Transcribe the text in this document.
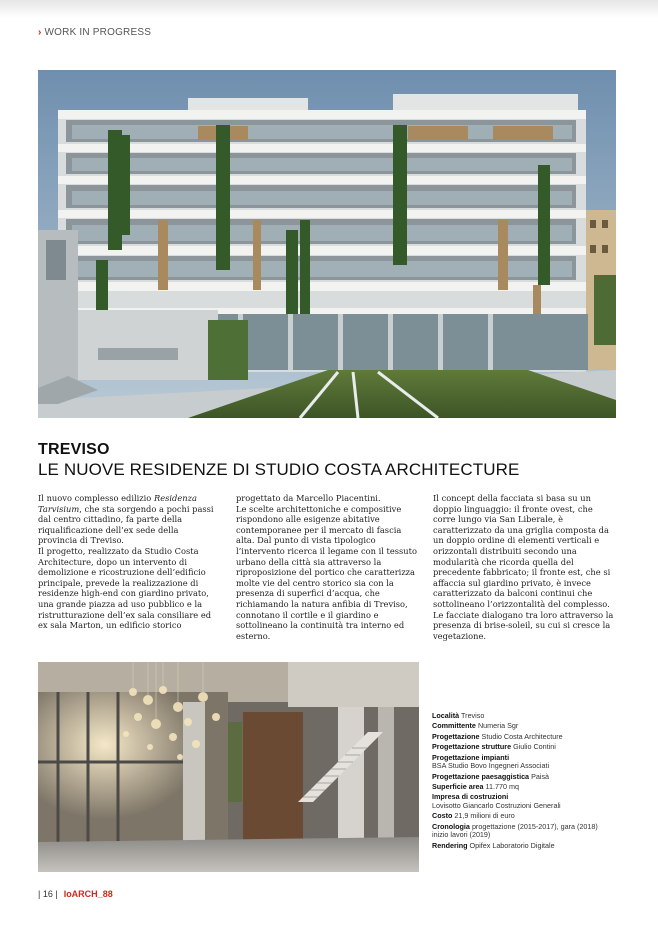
› WORK IN PROGRESS
TREVISO
LE NUOVE RESIDENZE DI STUDIO COSTA ARCHITECTURE

Il nuovo complesso edilizio Residenza Tarvisium, che sta sorgendo a pochi passi dal centro cittadino, fa parte della riqualificazione dell’ex sede della provincia di Treviso.

Il progetto, realizzato da Studio Costa Architecture, dopo un intervento di demolizione e ricostruzione dell’edificio principale, prevede la realizzazione di residenze high-end con giardino privato, una grande piazza ad uso pubblico e la ristrutturazione dell’ex sala consiliare ed ex sala Marton, un edificio storico

progettato da Marcello Piacentini.

Le scelte architettoniche e compositive rispondono alle esigenze abitative contemporanee per il mercato di fascia alta. Dal punto di vista tipologico l’intervento ricerca il legame con il tessuto urbano della città sia attraverso la riproposizione del portico che caratterizza molte vie del centro storico sia con la presenza di superfici d’acqua, che richiamando la natura anfibia di Treviso, connotano il cortile e il giardino e sottolineano la continuità tra interno ed esterno.

Il concept della facciata si basa su un doppio linguaggio: il fronte ovest, che corre lungo via San Liberale, è caratterizzato da una griglia composta da un doppio ordine di elementi verticali e orizzontali distribuiti secondo una modularità che ricorda quella del precedente fabbricato; il fronte est, che si affaccia sul giardino privato, è invece caratterizzato da balconi continui che sottolineano l’orizzontalità del complesso.

Le facciate dialogano tra loro attraverso la presenza di brise-soleil, su cui si cresce la vegetazione.

Località Treviso
Committente Numeria Sgr
Progettazione Studio Costa Architecture
Progettazione strutture Giulio Contini
Progettazione impianti
BSA Studio Bovo Ingegneri Associati
Progettazione paesaggistica Paisà
Superficie area 11.770 mq
Impresa di costruzioni
Lovisotto Giancarlo Costruzioni Generali
Costo 21,9 milioni di euro
Cronologia progettazione (2015-2017), gara (2018)
inizio lavori (2019)
Rendering Opifex Laboratorio Digitale
| 16 | IoARCH_88
